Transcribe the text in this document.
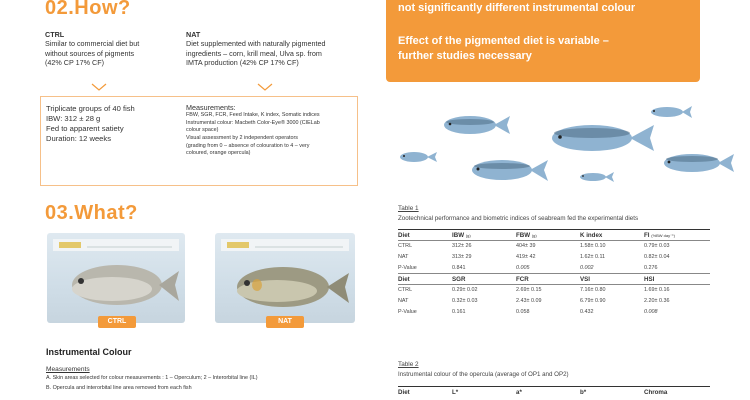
02.How?
CTRL
Similar to commercial diet but
without sources of pigments
(42% CP 17% CF)
NAT
Diet supplemented with naturally pigmented
ingredients – corn, krill meal, Ulva sp. from
IMTA production (42% CP 17% CF)
Triplicate groups of 40 fish
IBW: 312 ± 28 g
Fed to apparent satiety
Duration: 12 weeks
Measurements:
FBW, SGR, FCR, Feed Intake, K index, Somatic indices
Instrumental colour: Macbeth Color-Eye® 3000 (CIELab
colour space)
Visual assessment by 2 independent operators
(grading from 0 – absence of colouration to 4 – very
coloured, orange opercula)
03.What?
CTRL	NAT
Instrumental Colour
Measurements
A. Skin areas selected for colour measurements : 1 – Operculum; 2 – Interorbital line (IL)
B. Opercula and interorbital line area removed from each fish
not significantly different instrumental colour
Effect of the pigmented diet is variable –
further studies necessary
Table 1
Zootechnical performance and biometric indices of seabream fed the experimental diets
Diet	IBW (g)	FBW (g)	K index	FI (%BW day⁻¹)
CTRL	312± 26	404± 39	1.58± 0.10	0.79± 0.03
NAT	313± 29	419± 42	1.62± 0.11	0.82± 0.04
P-Value	0.841	0.005	0.002	0.276
Diet	SGR	FCR	VSI	HSI
CTRL	0.29± 0.02	2.69± 0.15	7.16± 0.80	1.69± 0.16
NAT	0.32± 0.03	2.43± 0.09	6.79± 0.90	2.20± 0.36
P-Value	0.161	0.058	0.432	0.008
Table 2
Instrumental colour of the opercula (average of OP1 and OP2)
Diet	L*	a*	b*	Chroma
